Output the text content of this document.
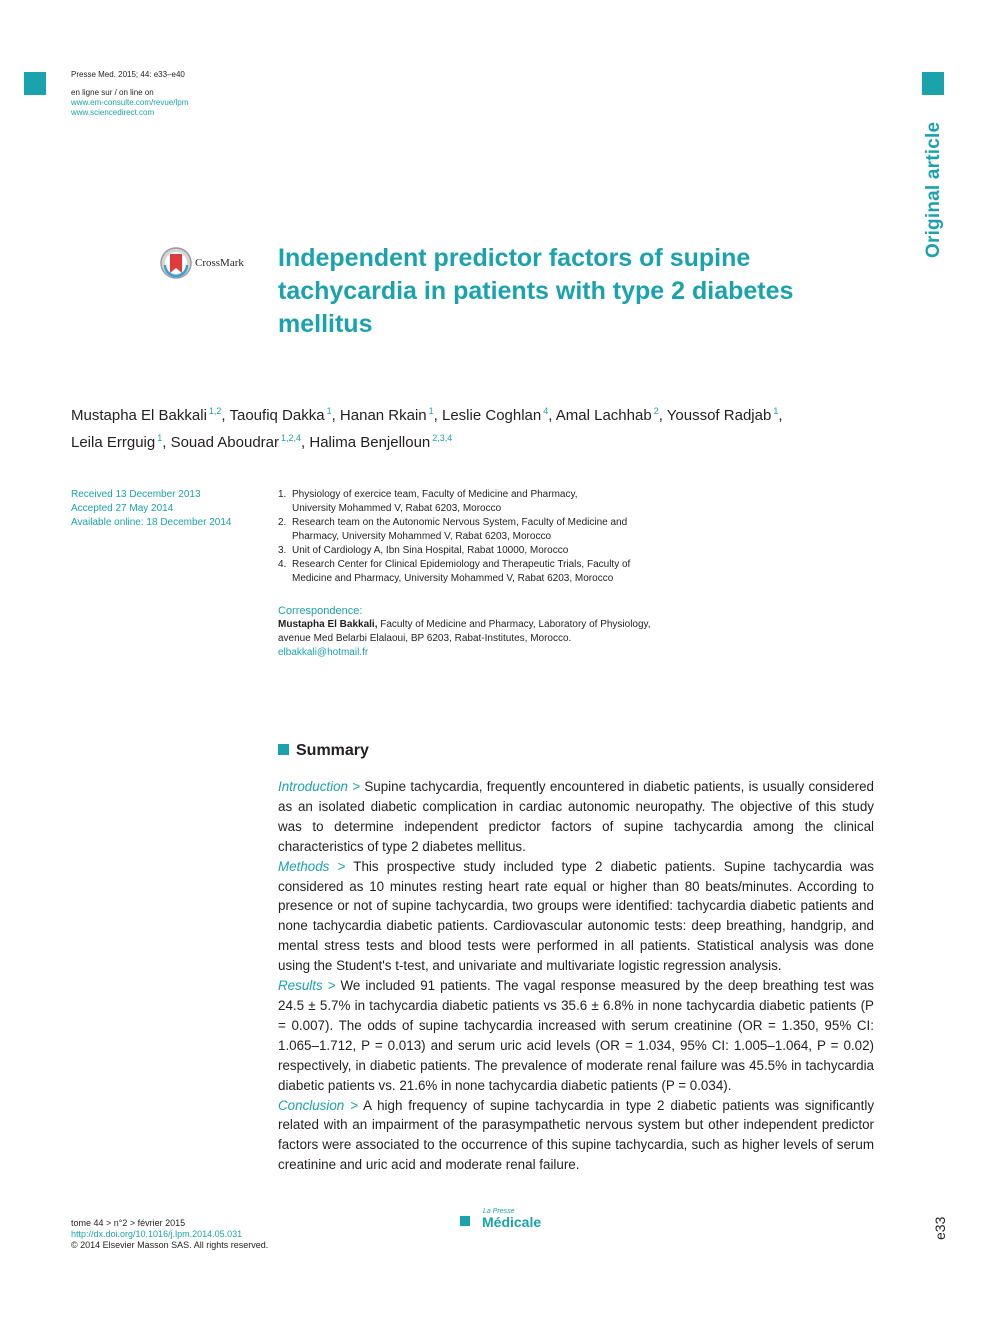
Presse Med. 2015; 44: e33–e40
en ligne sur / on line on
www.em-consulte.com/revue/lpm
www.sciencedirect.com
Original article
CrossMark Independent predictor factors of supine tachycardia in patients with type 2 diabetes mellitus
Mustapha El Bakkali $^{1,2}$, Taoufiq Dakka $^1$, Hanan Rkain $^1$, Leslie Coghlan $^4$, Amal Lachhab $^2$, Youssof Radjab $^1$,
Leila Errguig $^1$, Souad Aboudrar $^{1,2,4}$, Halima Benjelloun $^{2,3,4}$
Received 13 December 2013
Accepted 27 May 2014
Available online: 18 December 2014
1. Physiology of exercice team, Faculty of Medicine and Pharmacy,
University Mohammed V, Rabat 6203, Morocco
2. Research team on the Autonomic Nervous System, Faculty of Medicine and
Pharmacy, University Mohammed V, Rabat 6203, Morocco
3. Unit of Cardiology A, Ibn Sina Hospital, Rabat 10000, Morocco
4. Research Center for Clinical Epidemiology and Therapeutic Trials, Faculty of
Medicine and Pharmacy, University Mohammed V, Rabat 6203, Morocco
Correspondence:
Mustapha El Bakkali, Faculty of Medicine and Pharmacy, Laboratory of Physiology,
avenue Med Belarbi Elalaoui, BP 6203, Rabat-Institutes, Morocco.
elbakkali@hotmail.fr
Summary

Introduction > Supine tachycardia, frequently encountered in diabetic patients, is usually considered as an isolated diabetic complication in cardiac autonomic neuropathy. The objective of this study was to determine independent predictor factors of supine tachycardia among the clinical characteristics of type 2 diabetes mellitus.

Methods > This prospective study included type 2 diabetic patients. Supine tachycardia was considered as 10 minutes resting heart rate equal or higher than 80 beats/minutes. According to presence or not of supine tachycardia, two groups were identified: tachycardia diabetic patients and none tachycardia diabetic patients. Cardiovascular autonomic tests: deep breathing, handgrip, and mental stress tests and blood tests were performed in all patients. Statistical analysis was done using the Student's t-test, and univariate and multivariate logistic regression analysis.

Results > We included 91 patients. The vagal response measured by the deep breathing test was 24.5 ± 5.7% in tachycardia diabetic patients vs 35.6 ± 6.8% in none tachycardia diabetic patients (P = 0.007). The odds of supine tachycardia increased with serum creatinine (OR = 1.350, 95% CI: 1.065–1.712, P = 0.013) and serum uric acid levels (OR = 1.034, 95% CI: 1.005–1.064, P = 0.02) respectively, in diabetic patients. The prevalence of moderate renal failure was 45.5% in tachycardia diabetic patients vs. 21.6% in none tachycardia diabetic patients (P = 0.034).

Conclusion > A high frequency of supine tachycardia in type 2 diabetic patients was significantly related with an impairment of the parasympathetic nervous system but other independent predictor factors were associated to the occurrence of this supine tachycardia, such as higher levels of serum creatinine and uric acid and moderate renal failure.

tome 44 > n°2 > février 2015
http://dx.doi.org/10.1016/j.lpm.2014.05.031
© 2014 Elsevier Masson SAS. All rights reserved.
La Presse
Médicale	e33
